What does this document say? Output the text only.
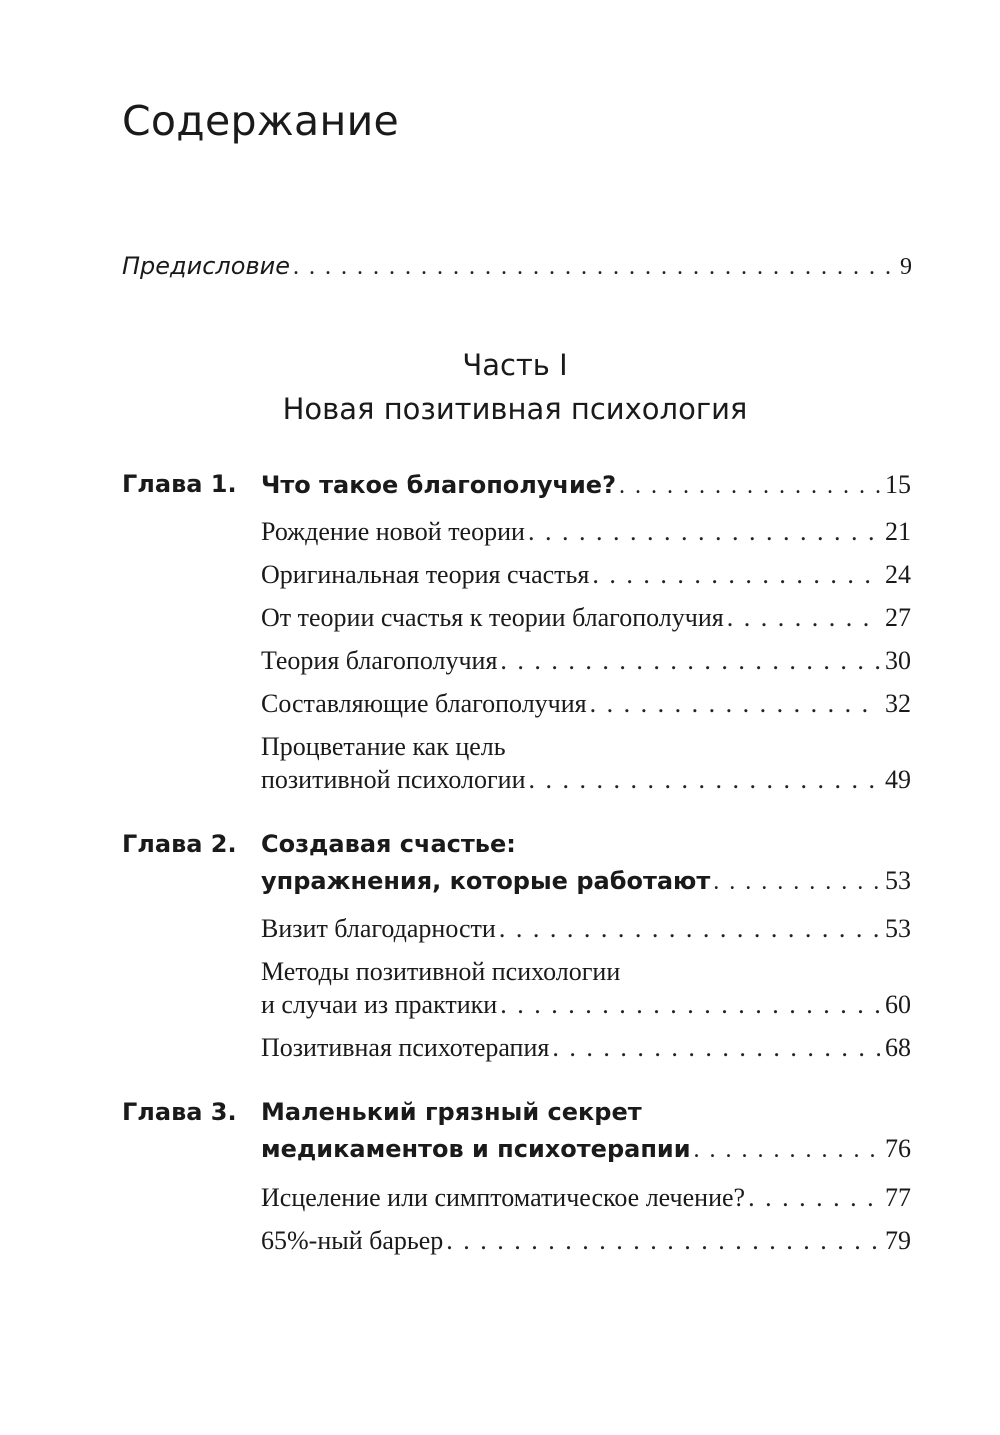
Содержание
Предисловие . . .	9
Часть I
Новая позитивная психология
Глава 1. Что такое благополучие? . . .	15
Рождение новой теории . . .	21
Оригинальная теория счастья . . .	24
От теории счастья к теории благополучия . . .	27
Теория благополучия . . .	30
Составляющие благополучия . . .	32
Процветание как цель
позитивной психологии . . .	49
Глава 2. Создавая счастье:
упражнения, которые работают . . .	53
Визит благодарности . . .	53
Методы позитивной психологии
и случаи из практики . . .	60
Позитивная психотерапия . . .	68
Глава 3. Маленький грязный секрет
медикаментов и психотерапии . . .	76
Исцеление или симптоматическое лечение? . . .	77
65%-ный барьер . . .	79
